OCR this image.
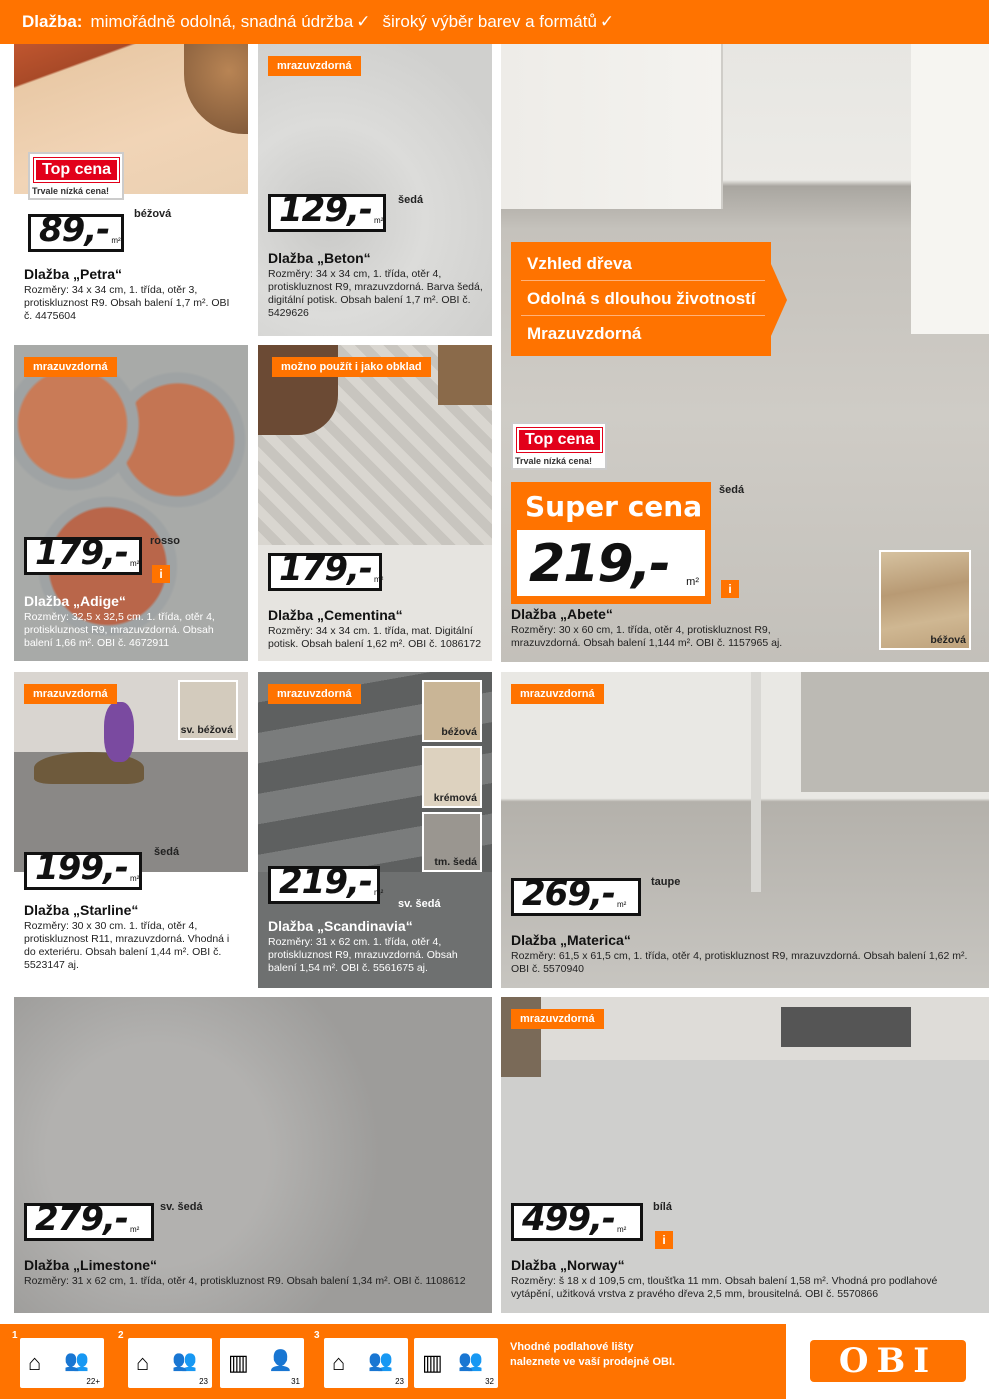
Dlažba: mimořádně odolná, snadná údržba ✓ široký výběr barev a formátů ✓
Top cena
Trvale nízká cena!
89,- m²
béžová
Dlažba „Petra“
Rozměry: 34 x 34 cm, 1. třída, otěr 3, protiskluznost R9. Obsah balení 1,7 m². OBI č. 4475604
mrazuvzdorná
129,- m²
šedá
Dlažba „Beton“
Rozměry: 34 x 34 cm, 1. třída, otěr 4, protiskluznost R9, mrazuvzdorná. Barva šedá, digitální potisk. Obsah balení 1,7 m². OBI č. 5429626
Vzhled dřeva
Odolná s dlouhou životností
Mrazuvzdorná
Top cena
Trvale nízká cena!
Super cena
219,- m²
šedá
i
béžová
Dlažba „Abete“
Rozměry: 30 x 60 cm, 1. třída, otěr 4, protiskluznost R9, mrazuvzdorná. Obsah balení 1,144 m². OBI č. 1157965 aj.
mrazuvzdorná
179,- m²
rosso
i
Dlažba „Adige“
Rozměry: 32,5 x 32,5 cm. 1. třída, otěr 4, protiskluznost R9, mrazuvzdorná. Obsah balení 1,66 m². OBI č. 4672911
možno použít i jako obklad
179,- m²
Dlažba „Cementina“
Rozměry: 34 x 34 cm. 1. třída, mat. Digitální potisk. Obsah balení 1,62 m². OBI č. 1086172
mrazuvzdorná
sv. béžová
199,- m²
šedá
Dlažba „Starline“
Rozměry: 30 x 30 cm. 1. třída, otěr 4, protiskluznost R11, mrazuvzdorná. Vhodná i do exteriéru. Obsah balení 1,44 m². OBI č. 5523147 aj.
mrazuvzdorná
béžová
krémová
tm. šedá
219,- m²
sv. šedá
Dlažba „Scandinavia“
Rozměry: 31 x 62 cm. 1. třída, otěr 4, protiskluznost R9, mrazuvzdorná. Obsah balení 1,54 m². OBI č. 5561675 aj.
mrazuvzdorná
269,- m²
taupe
Dlažba „Materica“
Rozměry: 61,5 x 61,5 cm, 1. třída, otěr 4, protiskluznost R9, mrazuvzdorná. Obsah balení 1,62 m². OBI č. 5570940
279,- m²
sv. šedá
Dlažba „Limestone“
Rozměry: 31 x 62 cm, 1. třída, otěr 4, protiskluznost R9. Obsah balení 1,34 m². OBI č. 1108612
mrazuvzdorná
499,- m²
bílá
i
Dlažba „Norway“
Rozměry: š 18 x d 109,5 cm, tloušťka 11 mm. Obsah balení 1,58 m². Vhodná pro podlahové vytápění, užitková vrstva z pravého dřeva 2,5 mm, brousitelná. OBI č. 5570866
1
⌂ 👥
22+
2
⌂ 👥
23
▥ 👤
31
3
⌂ 👥
23
▥ 👥
32
Vhodné podlahové lišty naleznete ve vaší prodejně OBI.	OBI
